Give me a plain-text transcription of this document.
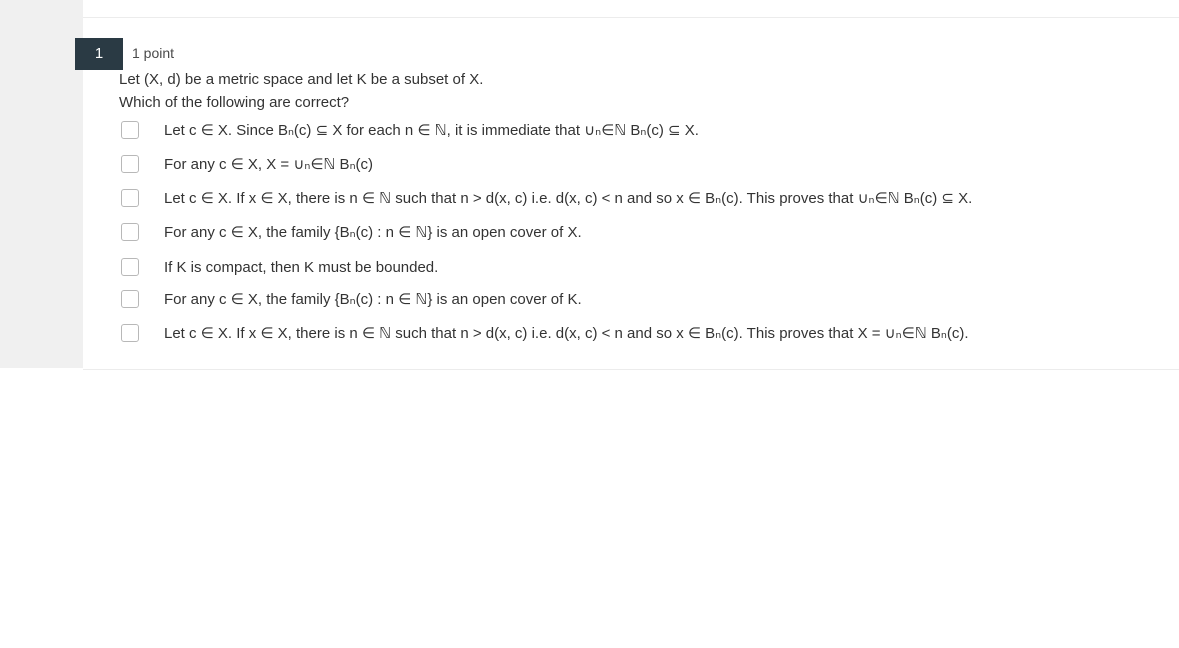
1	1 point
Let (X, d) be a metric space and let K be a subset of X.
Which of the following are correct?
Let c ∈ X. Since Bₙ(c) ⊆ X for each n ∈ ℕ, it is immediate that ∪ₙ∈ℕ Bₙ(c) ⊆ X.
For any c ∈ X, X = ∪ₙ∈ℕ Bₙ(c)
Let c ∈ X. If x ∈ X, there is n ∈ ℕ such that n > d(x, c) i.e. d(x, c) < n and so x ∈ Bₙ(c). This proves that ∪ₙ∈ℕ Bₙ(c) ⊆ X.
For any c ∈ X, the family {Bₙ(c) : n ∈ ℕ} is an open cover of X.
If K is compact, then K must be bounded.
For any c ∈ X, the family {Bₙ(c) : n ∈ ℕ} is an open cover of K.
Let c ∈ X. If x ∈ X, there is n ∈ ℕ such that n > d(x, c) i.e. d(x, c) < n and so x ∈ Bₙ(c). This proves that X = ∪ₙ∈ℕ Bₙ(c).
